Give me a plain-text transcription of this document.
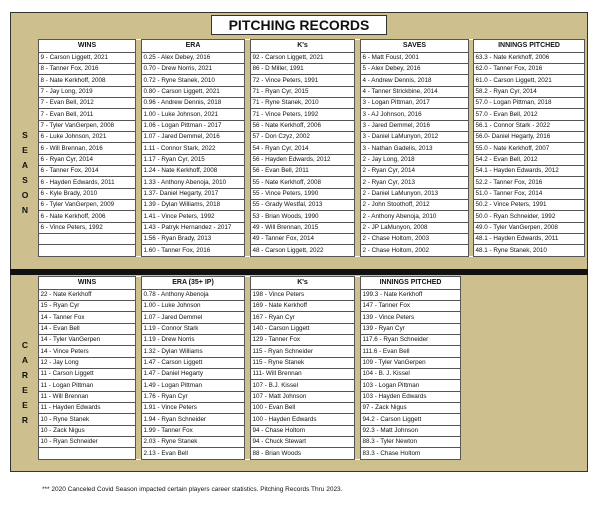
PITCHING RECORDS
S
E
A
S
O
N
C
A
R
E
E
R
WINS		ERA		K's		SAVES		INNINGS PITCHED
9 - Carson Liggett, 2021		0.25 - Alex Debey, 2016		92 - Carson Liggett, 2021		6 - Matt Foust, 2001		63.3 - Nate Kerkhoff, 2006
8 - Tanner Fox, 2016		0.70 - Drew Norris, 2021		86 - D Miller, 1991		5 - Alex Debey, 2016		62.0 - Tanner Fox, 2016
8 - Nate Kerkhoff, 2008		0.72 - Ryne Stanek, 2010		72 - Vince Peters, 1991		4 - Andrew Dennis, 2018		61.0 - Carson Liggett, 2021
7 - Jay Long, 2019		0.80 - Carson Liggett, 2021		71 - Ryan Cyr, 2015		4 - Tanner Strickbine, 2014		58.2 - Ryan Cyr, 2014
7 - Evan Bell, 2012		0.96 - Andrew Dennis, 2018		71 - Ryne Stanek, 2010		3 - Logan Pittman, 2017		57.0 - Logan Pittman, 2018
7 - Evan Bell, 2011		1.00 - Luke Johnson, 2021		71 - Vince Peters, 1992		3 - AJ Johnson, 2016		57.0 - Evan Bell, 2012
7 - Tyler VanGerpen, 2008		1.06 - Logan Pittman - 2017		56 - Nate Kerkhoff, 2006		3 - Jared Demmel, 2016		56.1 - Connor Stark - 2022
6 - Luke Johnson, 2021		1.07 - Jared Demmel, 2016		57 - Don Czyz, 2002		3 - Daniel LaMunyon, 2012		56.0- Daniel Hegarty, 2016
6 - Will Brennan, 2016		1.11 - Connor Stark, 2022		54 - Ryan Cyr, 2014		3 - Nathan Gadelis, 2013		55.0 - Nate Kerkhoff, 2007
6 - Ryan Cyr, 2014		1.17 - Ryan Cyr, 2015		56 - Hayden Edwards, 2012		2 - Jay Long, 2018		54.2 - Evan Bell, 2012
6 - Tanner Fox, 2014		1.24 - Nate Kerkhoff, 2008		56 - Evan Bell, 2011		2 - Ryan Cyr, 2014		54.1 - Hayden Edwards, 2012
6 - Hayden Edwards, 2011		1.33 - Anthony Abenoja, 2010		55 - Nate Kerkhoff, 2008		2 - Ryan Cyr, 2013		52.2 - Tanner Fox, 2016
6 - Kyle Brady, 2010		1.37- Daniel Hegarty, 2017		55 - Vince Peters, 1990		2 - Daniel LaMunyon, 2013		51.0 - Tanner Fox, 2014
6 - Tyler VanGerpen, 2009		1.39 - Dylan Williams, 2018		55 - Grady Westfal, 2013		2 - John Stoothoff, 2012		50.2 - Vince Peters, 1991
6 - Nate Kerkhoff, 2006		1.41 - Vince Peters, 1992		53 - Brian Woods, 1990		2 - Anthony Abenoja, 2010		50.0 - Ryan Schneider, 1992
6 - Vince Peters, 1992		1.43 - Patryk Hernandez - 2017		49 - Will Brennan, 2015		2 - JP LaMunyon, 2008		49.0 - Tyler VanGerpen, 2008
		1.56 - Ryan Brady, 2013		49 - Tanner Fox, 2014		2 - Chase Holtom, 2003		48.1 - Hayden Edwards, 2011
		1.60 - Tanner Fox, 2016		48 - Carson Liggett, 2022		2 - Chase Holtom, 2002		48.1 - Ryne Stanek, 2010
WINS		ERA (35+ IP)		K's		INNINGS PITCHED
22 - Nate Kerkhoff		0.78 - Anthony Abenoja		198 - Vince Peters		199.3 - Nate Kerkhoff
15 - Ryan Cyr		1.00 - Luke Johnson		169 - Nate Kerkhoff		147 - Tanner Fox
14 - Tanner Fox		1.07 - Jared Demmel		167 - Ryan Cyr		139 - Vince Peters
14 - Evan Bell		1.19 - Connor Stark		140 - Carson Liggett		139 - Ryan Cyr
14 - Tyler VanGerpen		1.19 - Drew Norris		129 - Tanner Fox		117.6 - Ryan Schneider
14 - Vince Peters		1.32 - Dylan Williams		115 - Ryan Schneider		111.6 - Evan Bell
12 - Jay Long		1.47 - Carson Liggett		115 - Ryne Stanek		109 - Tyler VanGerpen
11 - Carson Liggett		1.47 - Daniel Hegarty		111- Will Brennan		104 - B. J. Kissel
11 - Logan Pittman		1.49 - Logan Pittman		107 - B.J. Kissel		103 - Logan Pittman
11 - Will Brennan		1.76 - Ryan Cyr		107 - Matt Johnson		103 - Hayden Edwards
11 - Hayden Edwards		1.91 - Vince Peters		100 - Evan Bell		97 - Zack Nigus
10 - Ryne Stanek		1.94 - Ryan Schneider		100 - Hayden Edwards		94.2 - Carson Liggett
10 - Zack Nigus		1.99 - Tanner Fox		94 - Chase Holtom		92.3 - Matt Johnson
10 - Ryan Schneider		2.03 - Ryne Stanek		94 - Chuck Stewart		88.3 - Tyler Newton
		2.13 - Evan Bell		88 - Brian Woods		83.3 - Chase Holtom
*** 2020 Canceled Covid Season impacted certain players career statistics. Pitching Records Thru 2023.
